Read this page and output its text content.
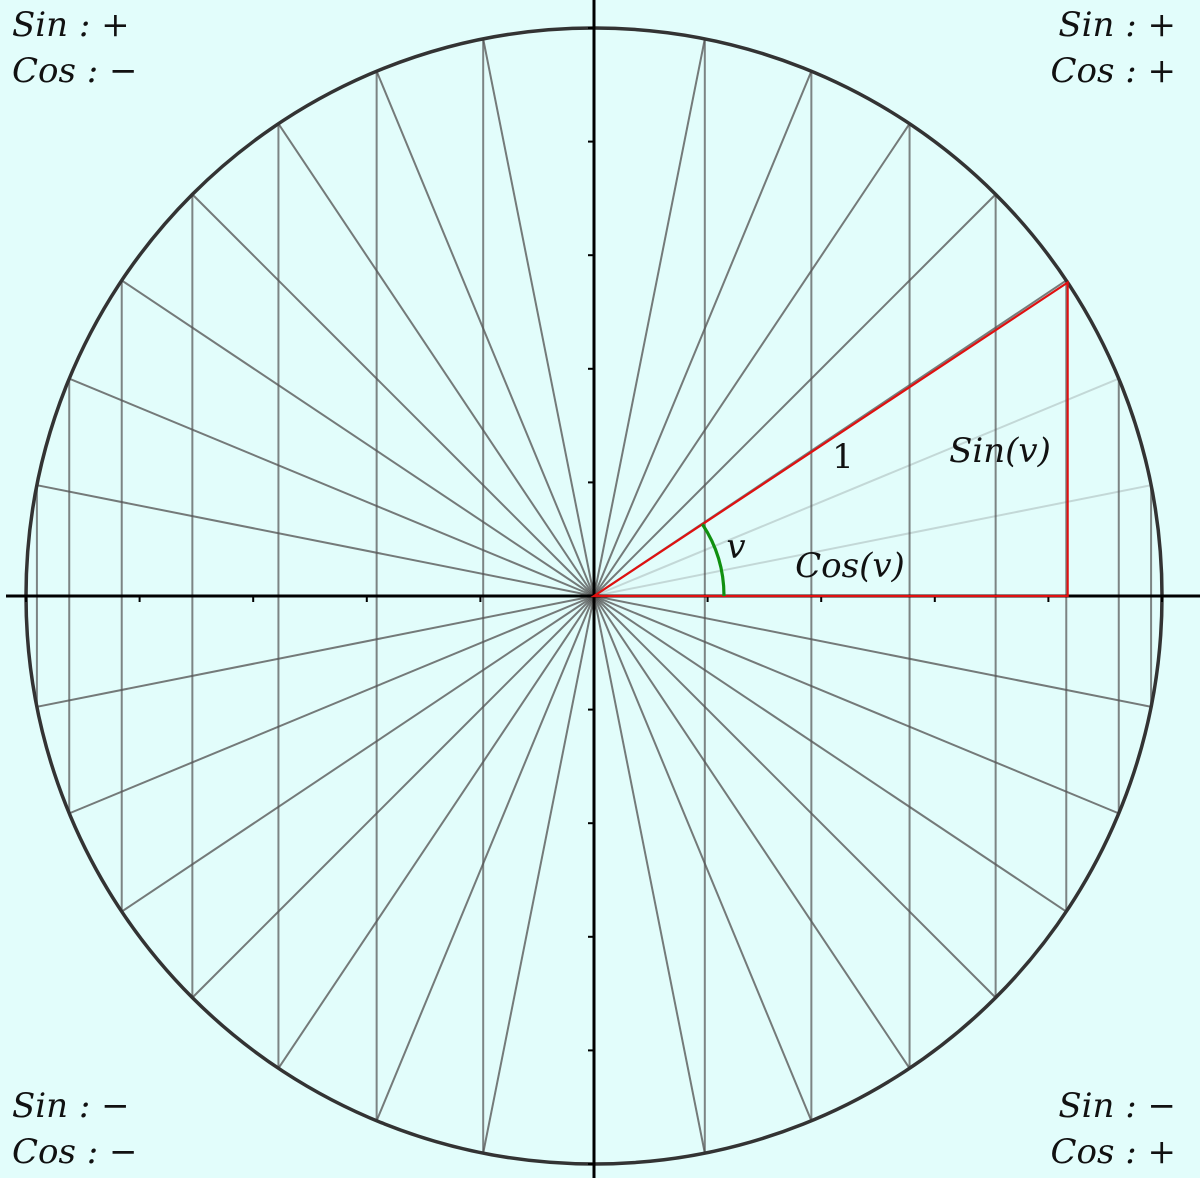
1	Sin(v)
Cos(v)
v
Sin : +
Cos : −
Sin : +
Cos : +
Sin : −
Cos : −
Sin : −
Cos : +
